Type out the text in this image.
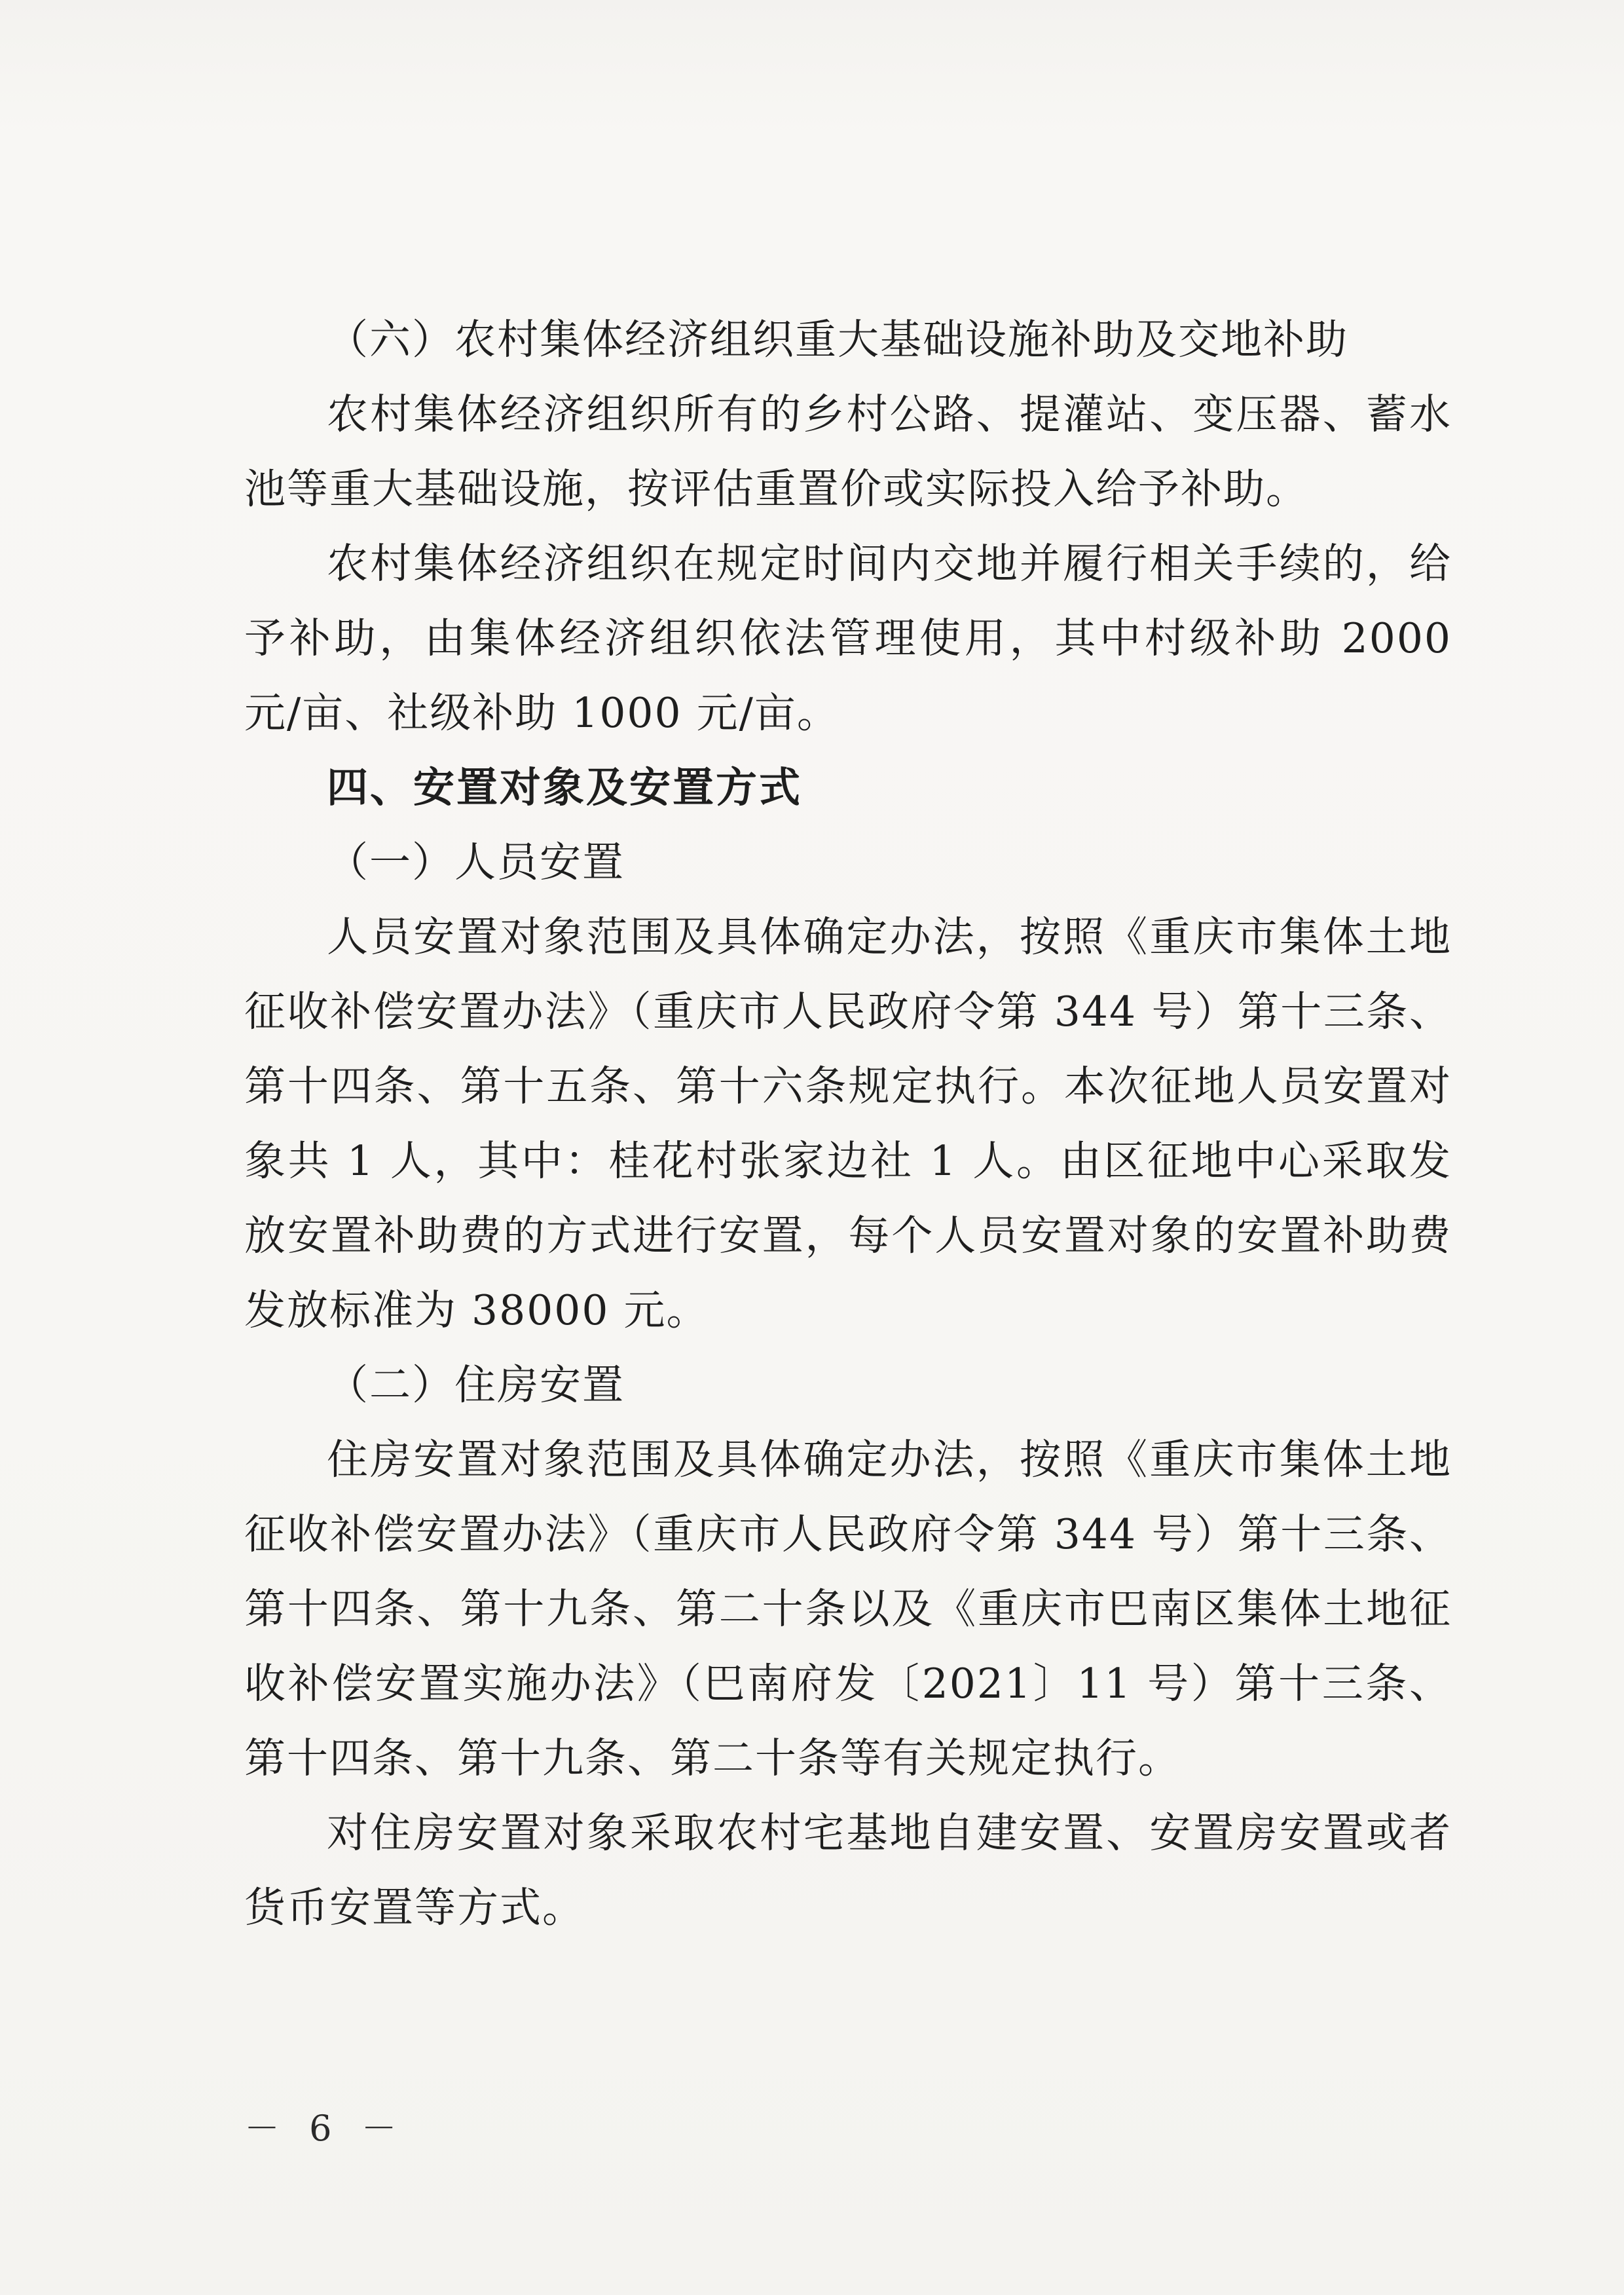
（六）农村集体经济组织重大基础设施补助及交地补助

农村集体经济组织所有的乡村公路、提灌站、变压器、蓄水池等重大基础设施，按评估重置价或实际投入给予补助。

农村集体经济组织在规定时间内交地并履行相关手续的，给予补助，由集体经济组织依法管理使用，其中村级补助 2000 元/亩、社级补助 1000 元/亩。

四、安置对象及安置方式

（一）人员安置

人员安置对象范围及具体确定办法，按照《重庆市集体土地征收补偿安置办法》（重庆市人民政府令第 344 号）第十三条、第十四条、第十五条、第十六条规定执行。本次征地人员安置对象共 1 人，其中：桂花村张家边社 1 人。由区征地中心采取发放安置补助费的方式进行安置，每个人员安置对象的安置补助费发放标准为 38000 元。

（二）住房安置

住房安置对象范围及具体确定办法，按照《重庆市集体土地征收补偿安置办法》（重庆市人民政府令第 344 号）第十三条、第十四条、第十九条、第二十条以及《重庆市巴南区集体土地征收补偿安置实施办法》（巴南府发〔2021〕11 号）第十三条、第十四条、第十九条、第二十条等有关规定执行。

对住房安置对象采取农村宅基地自建安置、安置房安置或者货币安置等方式。

－ 6 －
